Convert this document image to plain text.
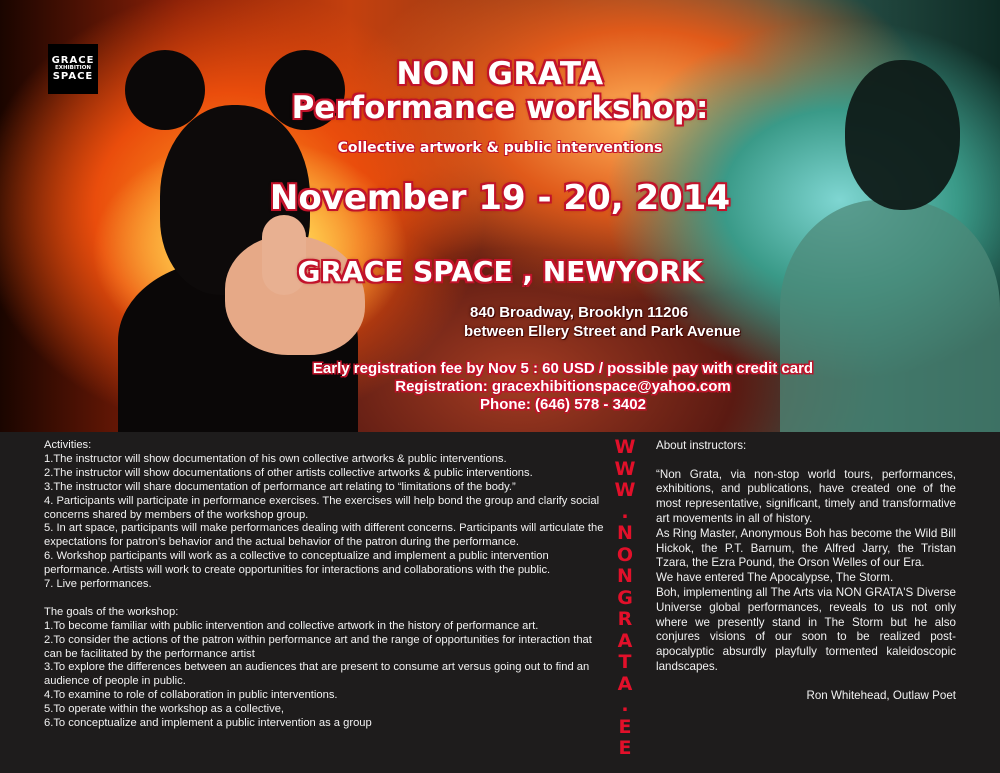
GRACE
EXHIBITION
SPACE	NON GRATA
Performance workshop:
Collective artwork & public interventions
November 19 - 20, 2014
GRACE SPACE , NEWYORK
840 Broadway, Brooklyn 11206
between Ellery Street and Park Avenue
Early registration fee by Nov 5 : 60 USD / possible pay with credit card
Registration: gracexhibitionspace@yahoo.com
Phone: (646) 578 - 3402

Activities:

1.The instructor will show documentation of his own collective artworks & public interventions.

2.The instructor will show documentations of other artists collective artworks & public interventions.

3.The instructor will share documentation of performance art relating to “limitations of the body.”

4. Participants will participate in performance exercises. The exercises will help bond the group and clarify social concerns shared by members of the workshop group.

5. In art space, participants will make performances dealing with different concerns. Participants will articulate the expectations for patron’s behavior and the actual behavior of the patron during the performance.

6. Workshop participants will work as a collective to conceptualize and implement a public intervention performance. Artists will work to create opportunities for interactions and collaborations with the public.

7. Live performances.

The goals of the workshop:

1.To become familiar with public intervention and collective artwork in the history of performance art.

2.To consider the actions of the patron within performance art and the range of opportunities for interaction that can be facilitated by the performance artist

3.To explore the differences between an audiences that are present to consume art versus going out to find an audience of people in public.

4.To examine to role of collaboration in public interventions.

5.To operate within the workshop as a collective,

6.To conceptualize and implement a public intervention as a group

W
W
W
.
N
O
N
G
R
A
T
A
.
E
E

About instructors:

“Non Grata, via non-stop world tours, performances, exhibitions, and publications, have created one of the most representative, significant, timely and transformative art movements in all of history.

As Ring Master, Anonymous Boh has become the Wild Bill Hickok, the P.T. Barnum, the Alfred Jarry, the Tristan Tzara, the Ezra Pound, the Orson Welles of our Era.

We have entered The Apocalypse, The Storm.

Boh, implementing all The Arts via NON GRATA'S Diverse Universe global performances, reveals to us not only where we presently stand in The Storm but he also conjures visions of our soon to be realized post-apocalyptic absurdly playfully tormented kaleidoscopic landscapes.

Ron Whitehead, Outlaw Poet
